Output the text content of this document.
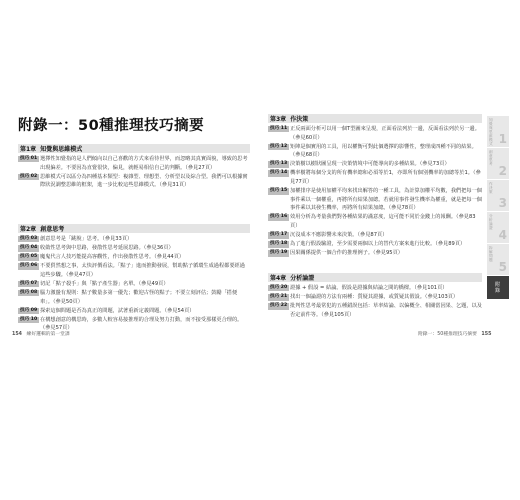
附錄一：50種推理技巧摘要
第1章 知覺與思維模式
技巧 01 選擇性知覺指的是人們傾向以自己喜歡的方式來看待世界，而忽略其真實面貌，導致的思考出現偏差。不要因為直覺很快，偏見，就輕易相信自己的判斷。（參見27頁）
技巧 02 思維模式可以區分為四種基本類型：複雜型、理想型、分析型以及綜合型。我們可以根據實際狀況調整思維的框架，進一步比較這些思維模式。（參見31頁）
第2章 創意思考
技巧 03 創意思考是「跳脫」思考。（參見33頁）
技巧 04 收斂性思考與中思路，發散性思考延展思路。（參見36頁）
技巧 05 魔鬼代言人技巧能提高客觀性，作出發散性思考。（參見44頁）
技巧 06 不要貿然想之事，太快評價看法。「點子」進而推動發展，幫助點子循環生成過程都要經過這些步驟。（參見47頁）
技巧 07 切記「點子殺手」與「點子產生器」名單。（參見49頁）
技巧 08 腦力激盪有規則：點子數量多第一優先；歡迎古怪的點子；不要立刻評估；鼓勵「搭便車」。（參見50頁）
技巧 09 探索這個問題是否為真正的問題，試著重新定義問題。（參見54頁）
技巧 10 在構想創意的構思時，多數人較容易接推理的合理及努力打動，而不接受那樣更合理的。（參見57頁）
154 練好邏輯的第一堂課
第3章 作決策
技巧 11 正反兩面分析可以用一個T型圖來呈現，正面看法列於一邊，反面看法列於另一邊。（參見60頁）
技巧 12 矩陣是個實用的工具，用以權衡可對此個選擇的影響性，整理成四種不同的結果。（參見68頁）
技巧 13 決策樹以樹狀圖呈現一決策情境中可能導向的多種結果。（參見73頁）
技巧 14 機率樹將每個分支的所有機率總和必須等於1，亦即所有個別機率的加總等於1。（參見77頁）
技巧 15 加權排序是使用加權平均來找出解答的一種工具，為計算加權平均數，我們把每一個事件乘以一個權重，再將所有結果加總。若就用事件發生機率為權重，就是把每一個事件乘以其發生機率，再將所有結果加總。（參見78頁）
技巧 16 效用分析為考量我們對各種結果的滿意度，這可能不同於金錢上的報酬。（參見83頁）
技巧 17 沉沒成本不應影響未來決策。（參見87頁）
技巧 18 為了進行假設驗證，至少需要兩個以上的替代方案來進行比較。（參見89頁）
技巧 19 因果關係提供一個合作的推理例子。（參見95頁）
第4章 分析論證
技巧 20 證據 + 假設 = 結論。假設是證據與結論之間的橋樑。（參見101頁）
技巧 21 找出一個論證的方法有兩種：質疑其證據，或質疑其假設。（參見103頁）
技巧 22 批判性思考最常犯的五種錯誤包括：草率結論、以偏概全、相關當因果、乞題，以及否定前件等。（參見105頁）
附錄一：50種推理技巧摘要 155
知覺與思維模式 1
創意思考 2
作決策
3
分析論證 4
拆解問題 5
附錄
